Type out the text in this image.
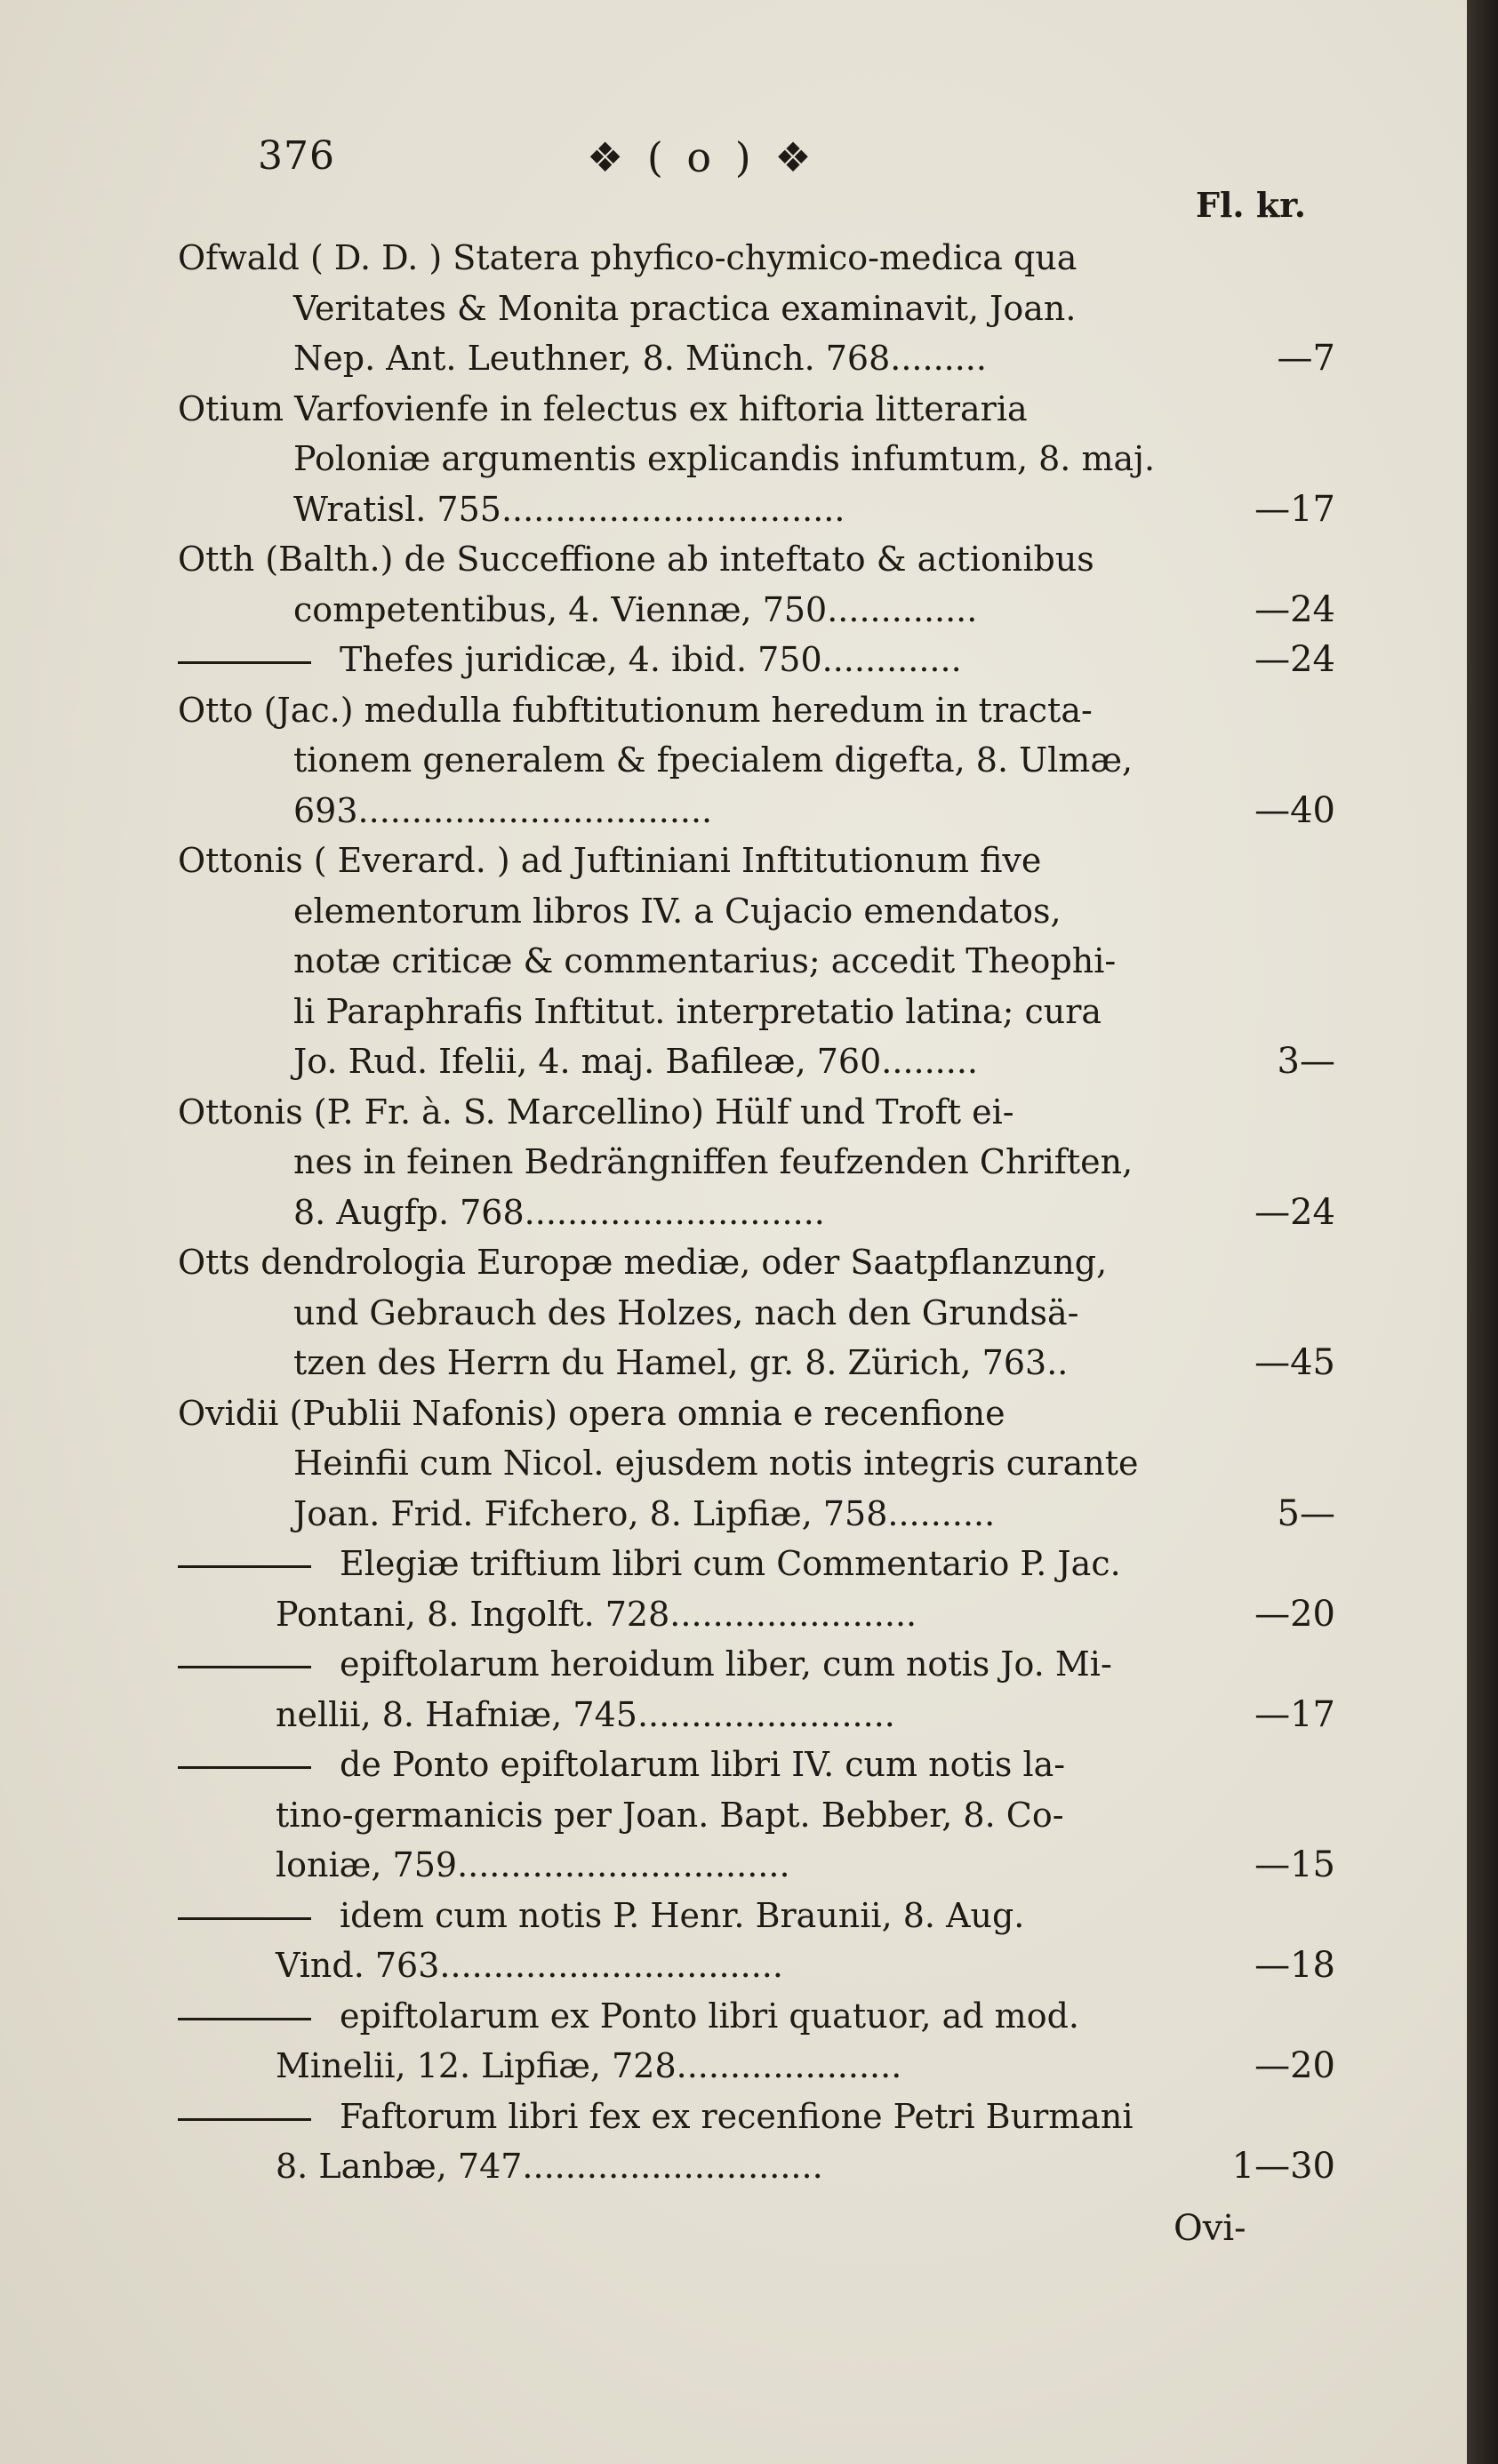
376	❖ ( o ) ❖
Fl. kr.
Ofwald ( D. D. ) Statera phyfico-chymico-medica qua
Veritates & Monita practica examinavit, Joan.
Nep. Ant. Leuthner, 8. Münch. 768.........	—7
Otium Varfovienfe in felectus ex hiftoria litteraria
Poloniæ argumentis explicandis infumtum, 8. maj.
Wratisl. 755................................	—17
Otth (Balth.) de Succeffione ab inteftato & actionibus
competentibus, 4. Viennæ, 750..............	—24
Thefes juridicæ, 4. ibid. 750.............	—24
Otto (Jac.) medulla fubftitutionum heredum in tracta-
tionem generalem & fpecialem digefta, 8. Ulmæ,
693.................................	—40
Ottonis ( Everard. ) ad Juftiniani Inftitutionum five
elementorum libros IV. a Cujacio emendatos,
notæ criticæ & commentarius; accedit Theophi-
li Paraphrafis Inftitut. interpretatio latina; cura
Jo. Rud. Ifelii, 4. maj. Bafileæ, 760.........	3—
Ottonis (P. Fr. à. S. Marcellino) Hülf und Troft ei-
nes in feinen Bedrängniffen feufzenden Chriften,
8. Augfp. 768............................	—24
Otts dendrologia Europæ mediæ, oder Saatpflanzung,
und Gebrauch des Holzes, nach den Grundsä-
tzen des Herrn du Hamel, gr. 8. Zürich, 763..	—45
Ovidii (Publii Nafonis) opera omnia e recenfione
Heinfii cum Nicol. ejusdem notis integris curante
Joan. Frid. Fifchero, 8. Lipfiæ, 758..........	5—
Elegiæ triftium libri cum Commentario P. Jac.
Pontani, 8. Ingolft. 728.......................	—20
epiftolarum heroidum liber, cum notis Jo. Mi-
nellii, 8. Hafniæ, 745........................	—17
de Ponto epiftolarum libri IV. cum notis la-
tino-germanicis per Joan. Bapt. Bebber, 8. Co-
loniæ, 759...............................	—15
idem cum notis P. Henr. Braunii, 8. Aug.
Vind. 763................................	—18
epiftolarum ex Ponto libri quatuor, ad mod.
Minelii, 12. Lipfiæ, 728.....................	—20
Faftorum libri fex ex recenfione Petri Burmani
8. Lanbæ, 747............................	1—30
Ovi-
